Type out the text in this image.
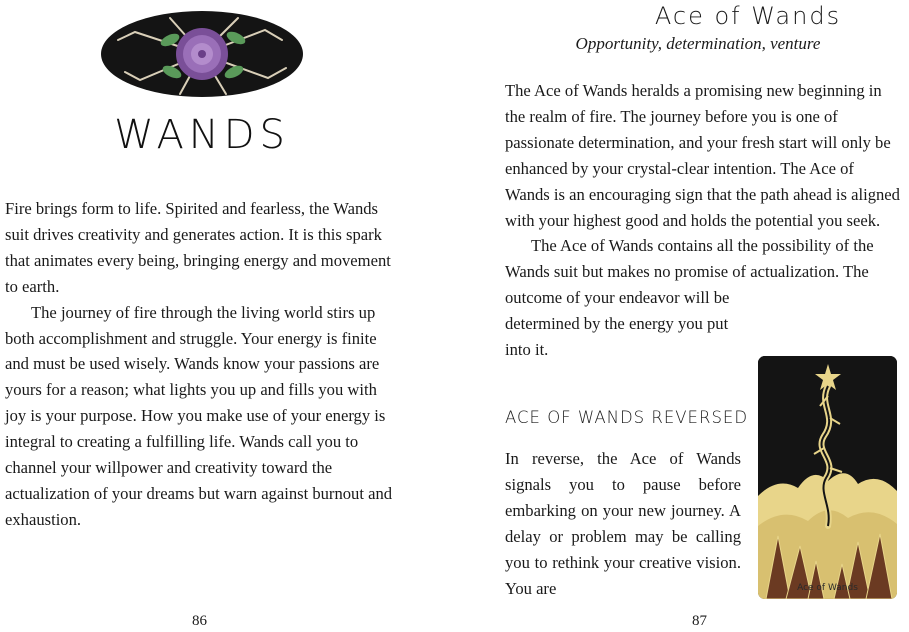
WANDS

Fire brings form to life. Spirited and fearless, the Wands suit drives creativity and generates action. It is this spark that animates every being, bringing energy and movement to earth.

The journey of fire through the living world stirs up both accomplishment and struggle. Your energy is finite and must be used wisely. Wands know your passions are yours for a reason; what lights you up and fills you with joy is your purpose. How you make use of your energy is integral to creating a fulfilling life. Wands call you to channel your willpower and creativity toward the actualization of your dreams but warn against burnout and exhaustion.

86
Ace of Wands
Opportunity, determination, venture

The Ace of Wands heralds a promising new beginning in the realm of fire. The journey before you is one of passionate determination, and your fresh start will only be enhanced by your crystal-clear intention. The Ace of Wands is an encouraging sign that the path ahead is aligned with your highest good and holds the potential you seek.

The Ace of Wands contains all the possibility of the Wands suit but makes no promise of actualization. The outcome of your endeavor will be

determined by the energy you put into it.

ACE OF WANDS REVERSED
In reverse, the Ace of Wands signals you to pause before embarking on your new journey. A delay or problem may be calling you to rethink your creative vision. You are	Ace of Wands
87
